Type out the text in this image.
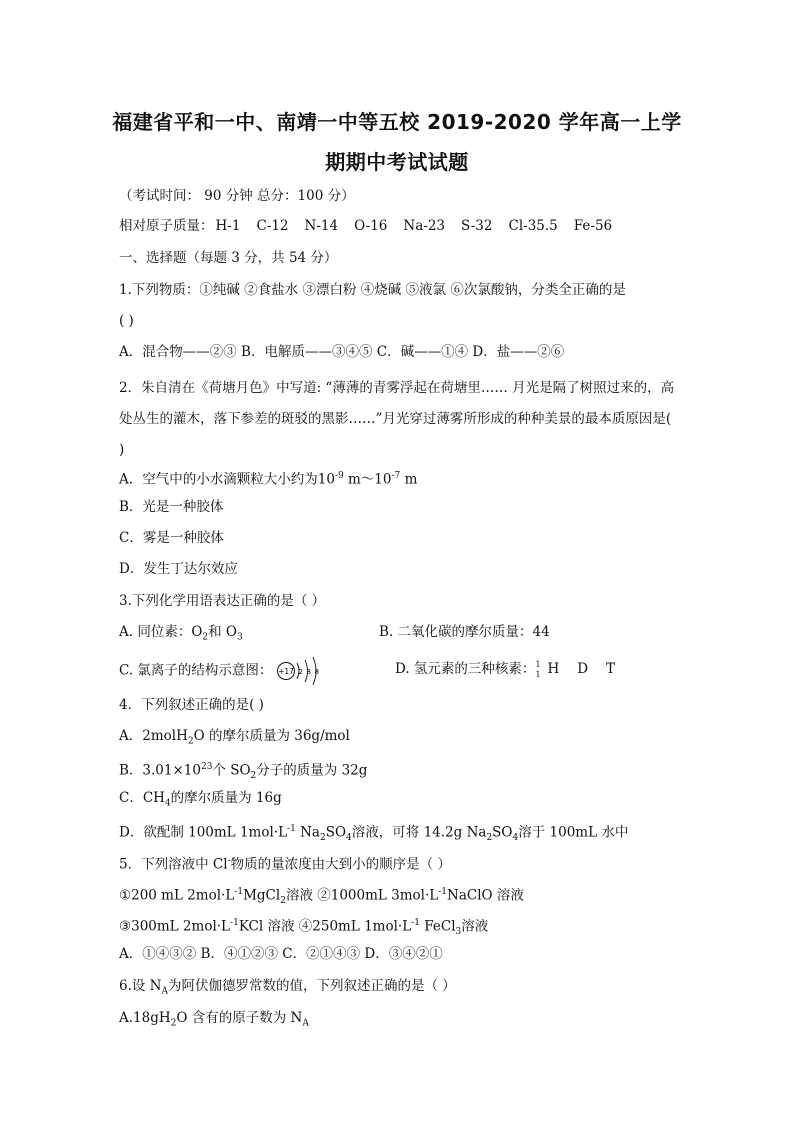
福建省平和一中、南靖一中等五校 2019-2020 学年高一上学
期期中考试试题
（考试时间： 90 分钟 总分：100 分）
相对原子质量： H-1 C-12 N-14 O-16 Na-23 S-32 Cl-35.5 Fe-56
一、选择题（每题 3 分，共 54 分）
1.下列物质：①纯碱 ②食盐水 ③漂白粉 ④烧碱 ⑤液氯 ⑥次氯酸钠，分类全正确的是
( )
A．混合物——②③ B．电解质——③④⑤ C．碱——①④ D．盐——②⑥
2．朱自清在《荷塘月色》中写道: “薄薄的青雾浮起在荷塘里…… 月光是隔了树照过来的，高处丛生的灌木，落下参差的斑驳的黑影……”月光穿过薄雾所形成的种种美景的最本质原因是( )
A．空气中的小水滴颗粒大小约为$10^{-9}$ $m\sim 10^{-7}$ m
B．光是一种胶体
C．雾是一种胶体
D．发生丁达尔效应
3.下列化学用语表达正确的是（ ）
A. 同位素：$O_2$和 $O_3$	B. 二氧化碳的摩尔质量：44
C. 氯离子的结构示意图： +17 2 8 8	D. 氢元素的三种核素： 1
1 H D T
4．下列叙述正确的是( )
A．2molH$_2$O 的摩尔质量为 36g/mol
B．$3.01\times 10^{23}$个 $SO_2$分子的质量为 32g
C．$CH_4$的摩尔质量为 16g
D．欲配制 100mL $1mol\cdot L^{-1}$ $Na_2SO_4$溶液，可将 14.2g $Na_2SO_4$溶于 100mL 水中
5．下列溶液中 Cl-物质的量浓度由大到小的顺序是（ ）
①200 mL $2mol\cdot L^{-1}MgCl_2$溶液 ②1000mL $3mol\cdot L^{-1}NaClO$ 溶液
③300mL $2mol\cdot L^{-1}KCl$ 溶液 ④250mL $1mol\cdot L^{-1}$ FeCl$_3$溶液
A．①④③② B．④①②③ C．②①④③ D．③④②①
6.设 $N_A$为阿伏伽德罗常数的值，下列叙述正确的是（ ）
$A.18gH_2O$ 含有的原子数为 $N_A$
